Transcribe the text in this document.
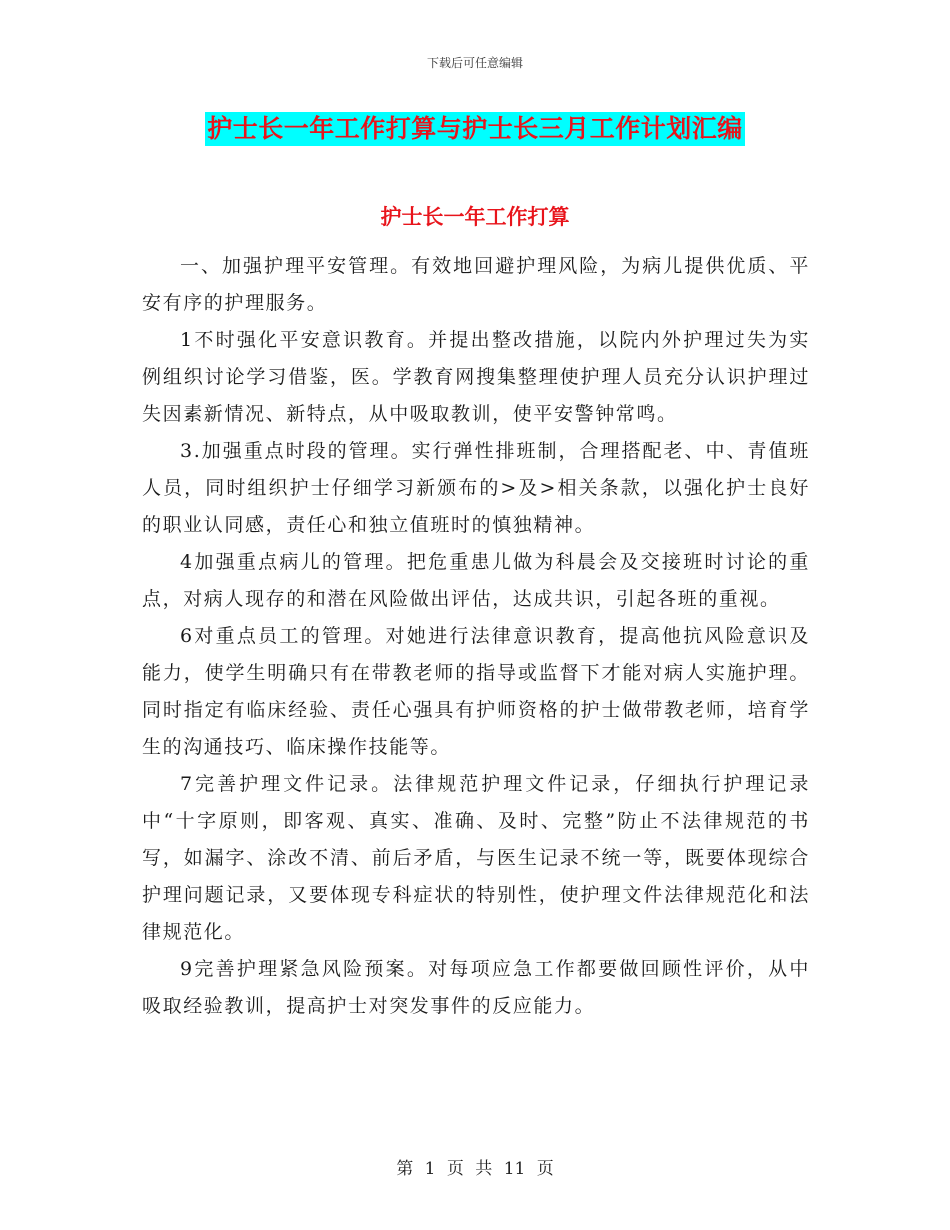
下载后可任意编辑
护士长一年工作打算与护士长三月工作计划汇编
护士长一年工作打算

一、加强护理平安管理。有效地回避护理风险，为病儿提供优质、平安有序的护理服务。

1不时强化平安意识教育。并提出整改措施，以院内外护理过失为实例组织讨论学习借鉴，医。学教育网搜集整理使护理人员充分认识护理过失因素新情况、新特点，从中吸取教训，使平安警钟常鸣。

3.加强重点时段的管理。实行弹性排班制，合理搭配老、中、青值班人员，同时组织护士仔细学习新颁布的>及>相关条款，以强化护士良好的职业认同感，责任心和独立值班时的慎独精神。

4加强重点病儿的管理。把危重患儿做为科晨会及交接班时讨论的重点，对病人现存的和潜在风险做出评估，达成共识，引起各班的重视。

6对重点员工的管理。对她进行法律意识教育，提高他抗风险意识及能力，使学生明确只有在带教老师的指导或监督下才能对病人实施护理。同时指定有临床经验、责任心强具有护师资格的护士做带教老师，培育学生的沟通技巧、临床操作技能等。

7完善护理文件记录。法律规范护理文件记录，仔细执行护理记录中“十字原则，即客观、真实、准确、及时、完整”防止不法律规范的书写，如漏字、涂改不清、前后矛盾，与医生记录不统一等，既要体现综合护理问题记录，又要体现专科症状的特别性，使护理文件法律规范化和法律规范化。

9完善护理紧急风险预案。对每项应急工作都要做回顾性评价，从中吸取经验教训，提高护士对突发事件的反应能力。

第 1 页 共 11 页
